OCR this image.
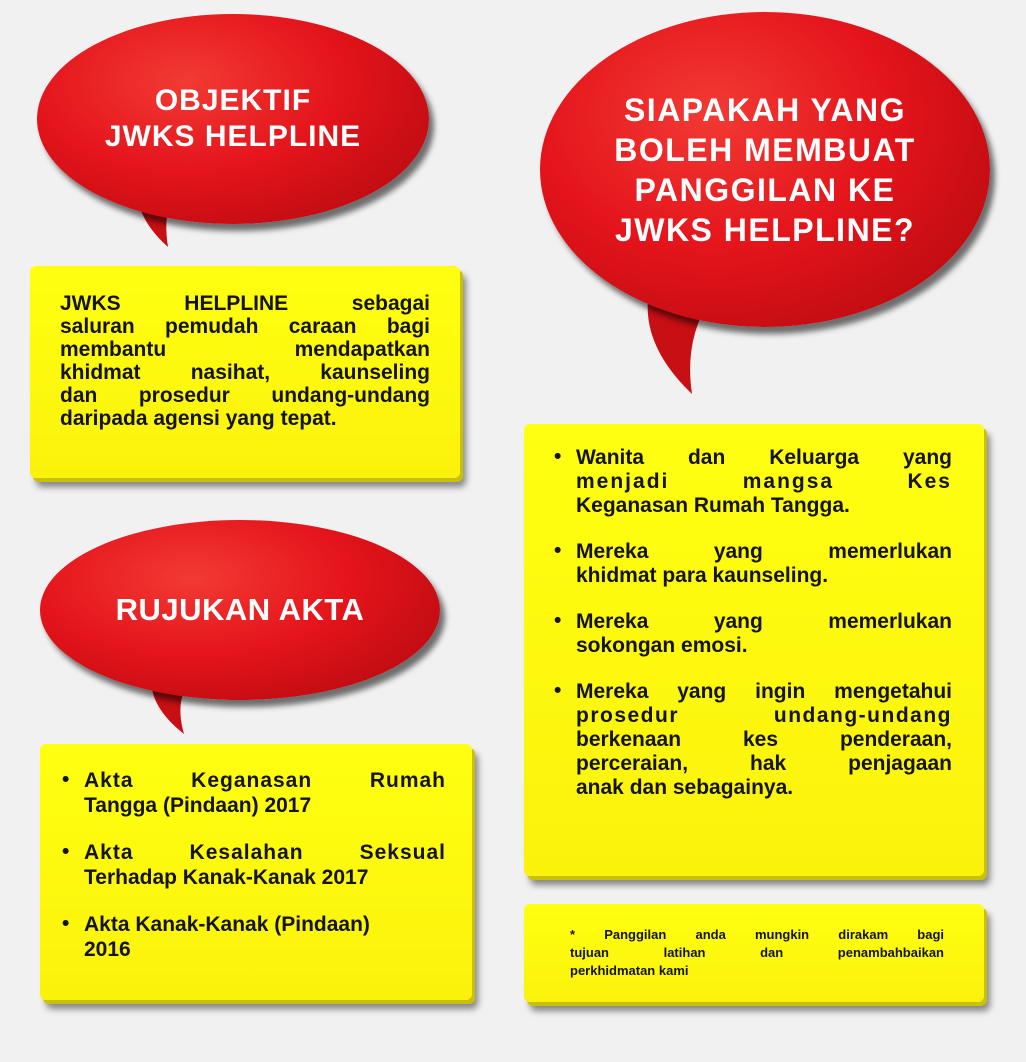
OBJEKTIF
JWKS HELPLINE
SIAPAKAH YANG
BOLEH MEMBUAT
PANGGILAN KE
JWKS HELPLINE?
RUJUKAN AKTA
JWKS HELPLINE sebagai
saluran pemudah caraan bagi
membantu mendapatkan
khidmat nasihat, kaunseling
dan prosedur undang-undang
daripada agensi yang tepat.
• Akta Keganasan Rumah
Tangga (Pindaan) 2017
• Akta Kesalahan Seksual
Terhadap Kanak-Kanak 2017
• Akta Kanak-Kanak (Pindaan)
2016
• Wanita dan Keluarga yang
menjadi mangsa Kes
Keganasan Rumah Tangga.
• Mereka yang memerlukan
khidmat para kaunseling.
• Mereka yang memerlukan
sokongan emosi.
• Mereka yang ingin mengetahui
prosedur undang-undang
berkenaan kes penderaan,
perceraian, hak penjagaan
anak dan sebagainya.
* Panggilan anda mungkin dirakam bagi
tujuan latihan dan penambahbaikan
perkhidmatan kami
